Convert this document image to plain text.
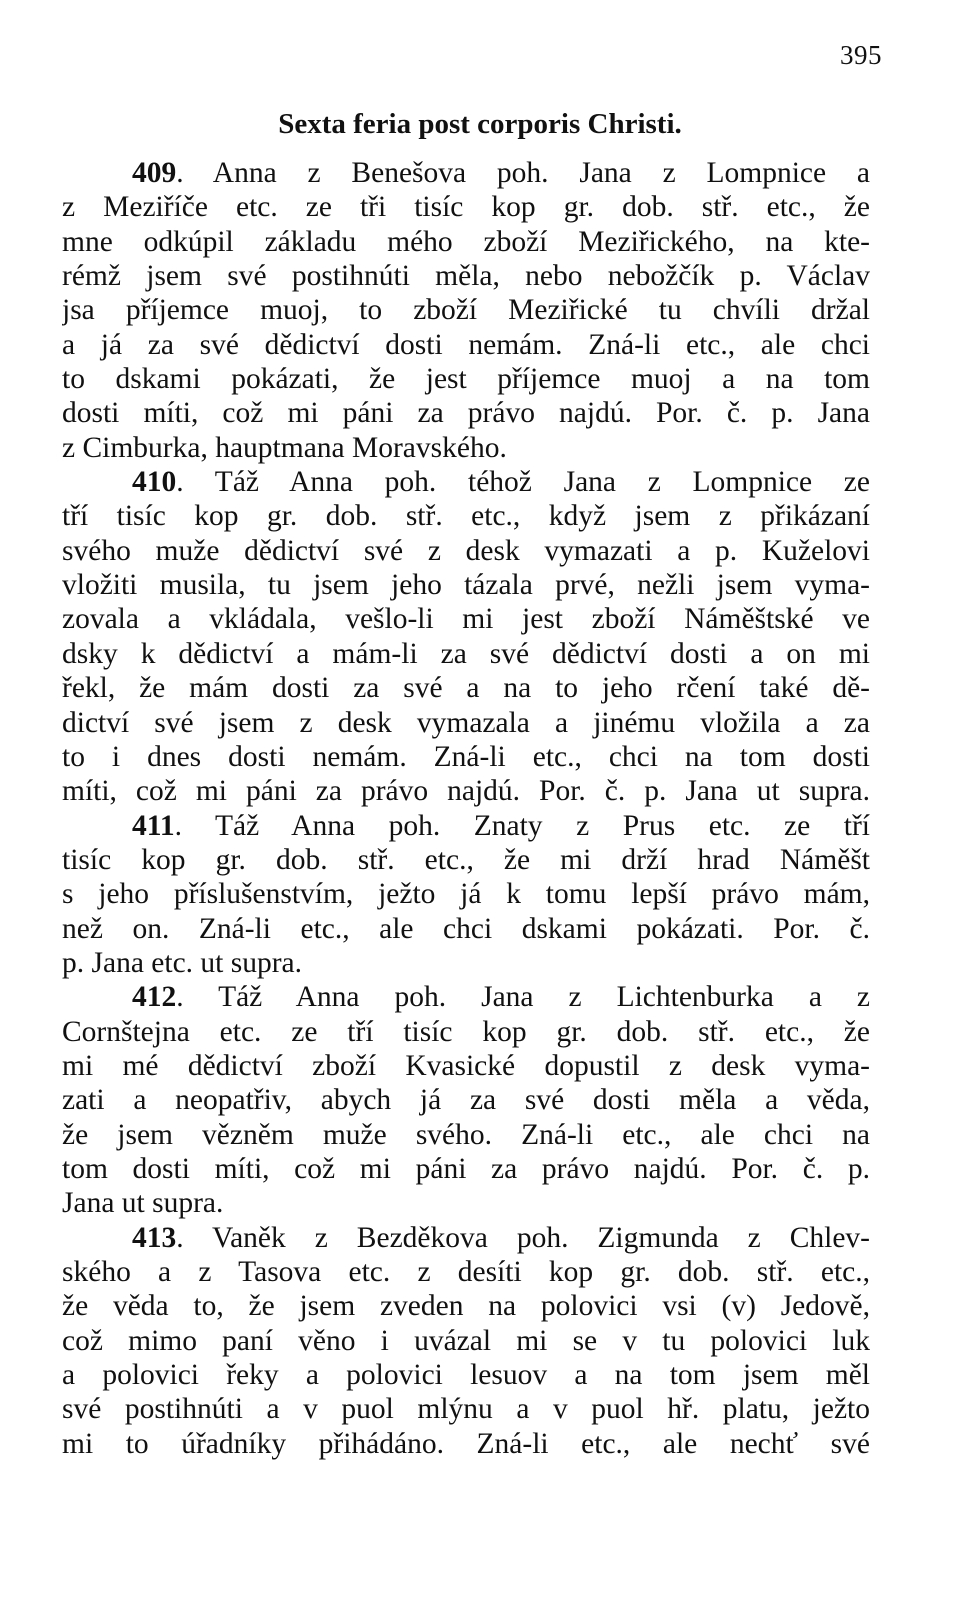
395
Sexta feria post corporis Christi.
409. Anna z Benešova poh. Jana z Lompnice a
z Meziříče etc. ze tři tisíc kop gr. dob. stř. etc., že
mne odkúpil základu mého zboží Meziřického, na kte-
rémž jsem své postihnúti měla, nebo nebožčík p. Václav
jsa příjemce muoj, to zboží Meziřické tu chvíli držal
a já za své dědictví dosti nemám. Zná-li etc., ale chci
to dskami pokázati, že jest příjemce muoj a na tom
dosti míti, což mi páni za právo najdú. Por. č. p. Jana
z Cimburka, hauptmana Moravského.
410. Táž Anna poh. téhož Jana z Lompnice ze
tří tisíc kop gr. dob. stř. etc., když jsem z přikázaní
svého muže dědictví své z desk vymazati a p. Kuželovi
vložiti musila, tu jsem jeho tázala prvé, nežli jsem vyma-
zovala a vkládala, vešlo-li mi jest zboží Náměštské ve
dsky k dědictví a mám-li za své dědictví dosti a on mi
řekl, že mám dosti za své a na to jeho rčení také dě-
dictví své jsem z desk vymazala a jinému vložila a za
to i dnes dosti nemám. Zná-li etc., chci na tom dosti
míti, což mi páni za právo najdú. Por. č. p. Jana ut supra.
411. Táž Anna poh. Znaty z Prus etc. ze tří
tisíc kop gr. dob. stř. etc., že mi drží hrad Náměšt
s jeho příslušenstvím, ježto já k tomu lepší právo mám,
než on. Zná-li etc., ale chci dskami pokázati. Por. č.
p. Jana etc. ut supra.
412. Táž Anna poh. Jana z Lichtenburka a z
Cornštejna etc. ze tří tisíc kop gr. dob. stř. etc., že
mi mé dědictví zboží Kvasické dopustil z desk vyma-
zati a neopatřiv, abych já za své dosti měla a věda,
že jsem vězněm muže svého. Zná-li etc., ale chci na
tom dosti míti, což mi páni za právo najdú. Por. č. p.
Jana ut supra.
413. Vaněk z Bezděkova poh. Zigmunda z Chlev-
ského a z Tasova etc. z desíti kop gr. dob. stř. etc.,
že věda to, že jsem zveden na polovici vsi (v) Jedově,
což mimo paní věno i uvázal mi se v tu polovici luk
a polovici řeky a polovici lesuov a na tom jsem měl
své postihnúti a v puol mlýnu a v puol hř. platu, ježto
mi to úřadníky přihádáno. Zná-li etc., ale nechť své
